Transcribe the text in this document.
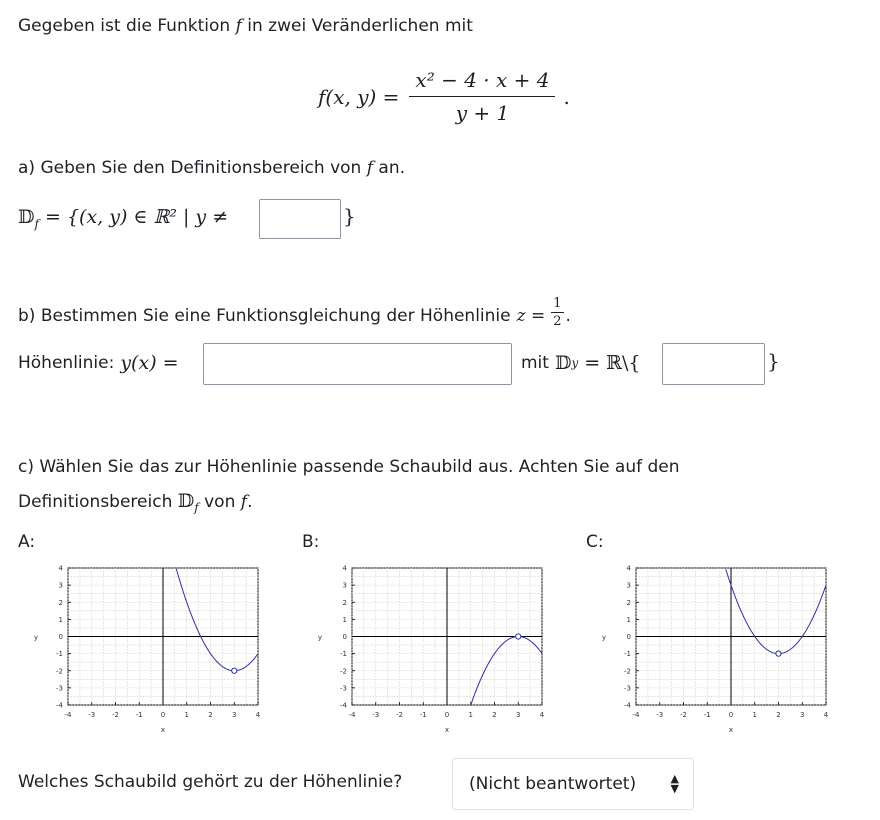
Gegeben ist die Funktion f in zwei Veränderlichen mit
f(x, $y) = \frac{\text{x² − 4 · x + 4}}{y + 1}$ .
a) Geben Sie den Definitionsbereich von f an.
𝔻$_f$ = {(x, y) ∈ ℝ² | y ≠	}
b) Bestimmen Sie eine Funktionsgleichung der Höhenlinie $z = \frac{1}{2}$ .
Höhenlinie: y(x) =	mit 𝔻 y = ℝ\{	}
c) Wählen Sie das zur Höhenlinie passende Schaubild aus. Achten Sie auf den
Definitionsbereich 𝔻$_f$ von f.
A:	B:	C:
-4
-4
-3
-3
-2
-2
-1
-1
0
0
1
1
2
2
3
3
4
4
x
y
-4
-4
-3
-3
-2
-2
-1
-1
0
0
1
1
2
2
3
3
4
4
x
y
-4
-4
-3
-3
-2
-2
-1
-1
0
0
1
1
2
2
3
3
4
4
x
y
Welches Schaubild gehört zu der Höhenlinie?	(Nicht beantwortet)	▲
▼
